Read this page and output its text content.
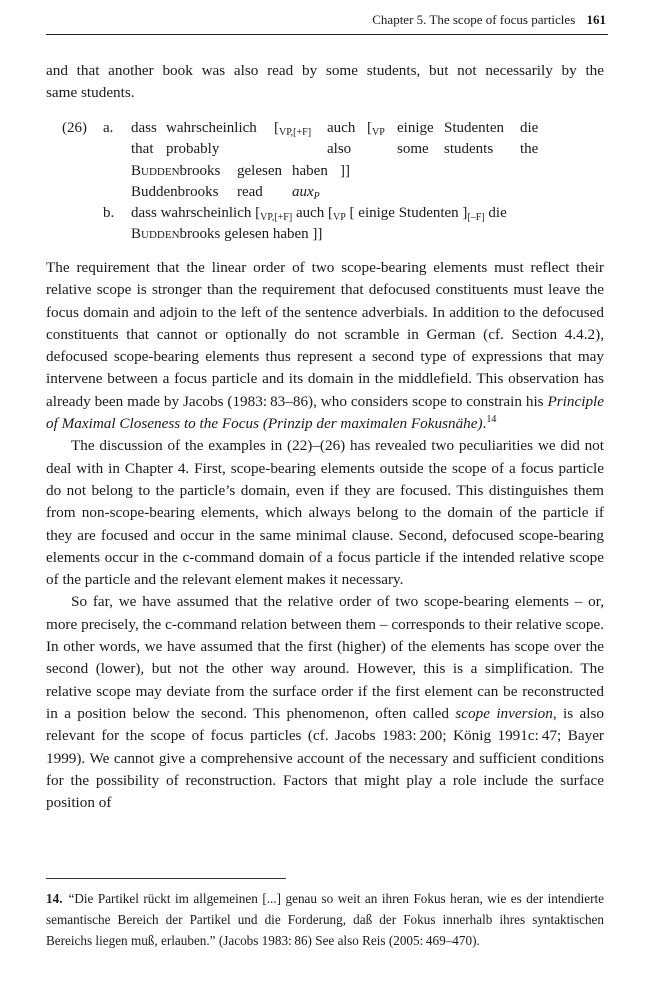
Chapter 5. The scope of focus particles 161

and that another book was also read by some students, but not necessarily by the

same students.

(26) a. dass wahrscheinlich [$_{VP,[+F]}$ auch [$_{VP}$ einige Studenten die
that probably	also	some students the
Buddenbrooks gelesen haben ]]
Buddenbrooks read aux$_P$
b. dass wahrscheinlich [$_{VP,[+F]}$ auch [$_{VP}$ [ einige Studenten ]$_{[-F]}$ die
Buddenbrooks gelesen haben ]]

The requirement that the linear order of two scope-bearing elements must reflect their relative scope is stronger than the requirement that defocused constituents must leave the focus domain and adjoin to the left of the sentence adverbials. In addition to the defocused constituents that cannot or optionally do not scramble in German (cf. Section 4.4.2), defocused scope-bearing elements thus represent a second type of expressions that may intervene between a focus particle and its domain in the middlefield. This observation has already been made by Jacobs (1983: 83–86), who considers scope to constrain his Principle of Maximal Closeness to the Focus (Prinzip der maximalen Fokusnähe).$^{14}$

The discussion of the examples in (22)–(26) has revealed two peculiarities we did not deal with in Chapter 4. First, scope-bearing elements outside the scope of a focus particle do not belong to the particle’s domain, even if they are focused. This distinguishes them from non-scope-bearing elements, which always belong to the domain of the particle if they are focused and occur in the same minimal clause. Second, defocused scope-bearing elements occur in the c-command domain of a focus particle if the intended relative scope of the particle and the relevant element makes it necessary.

So far, we have assumed that the relative order of two scope-bearing elements – or, more precisely, the c-command relation between them – corresponds to their relative scope. In other words, we have assumed that the first (higher) of the elements has scope over the second (lower), but not the other way around. However, this is a simplification. The relative scope may deviate from the surface order if the first element can be reconstructed in a position below the second. This phenomenon, often called scope inversion, is also relevant for the scope of focus particles (cf. Jacobs 1983: 200; König 1991c: 47; Bayer 1999). We cannot give a comprehensive account of the necessary and sufficient conditions for the possibility of reconstruction. Factors that might play a role include the surface position of

14. “Die Partikel rückt im allgemeinen [...] genau so weit an ihren Fokus heran, wie es der intendierte semantische Bereich der Partikel und die Forderung, daß der Fokus innerhalb ihres syntaktischen Bereichs liegen muß, erlauben.” (Jacobs 1983: 86) See also Reis (2005: 469–470).
